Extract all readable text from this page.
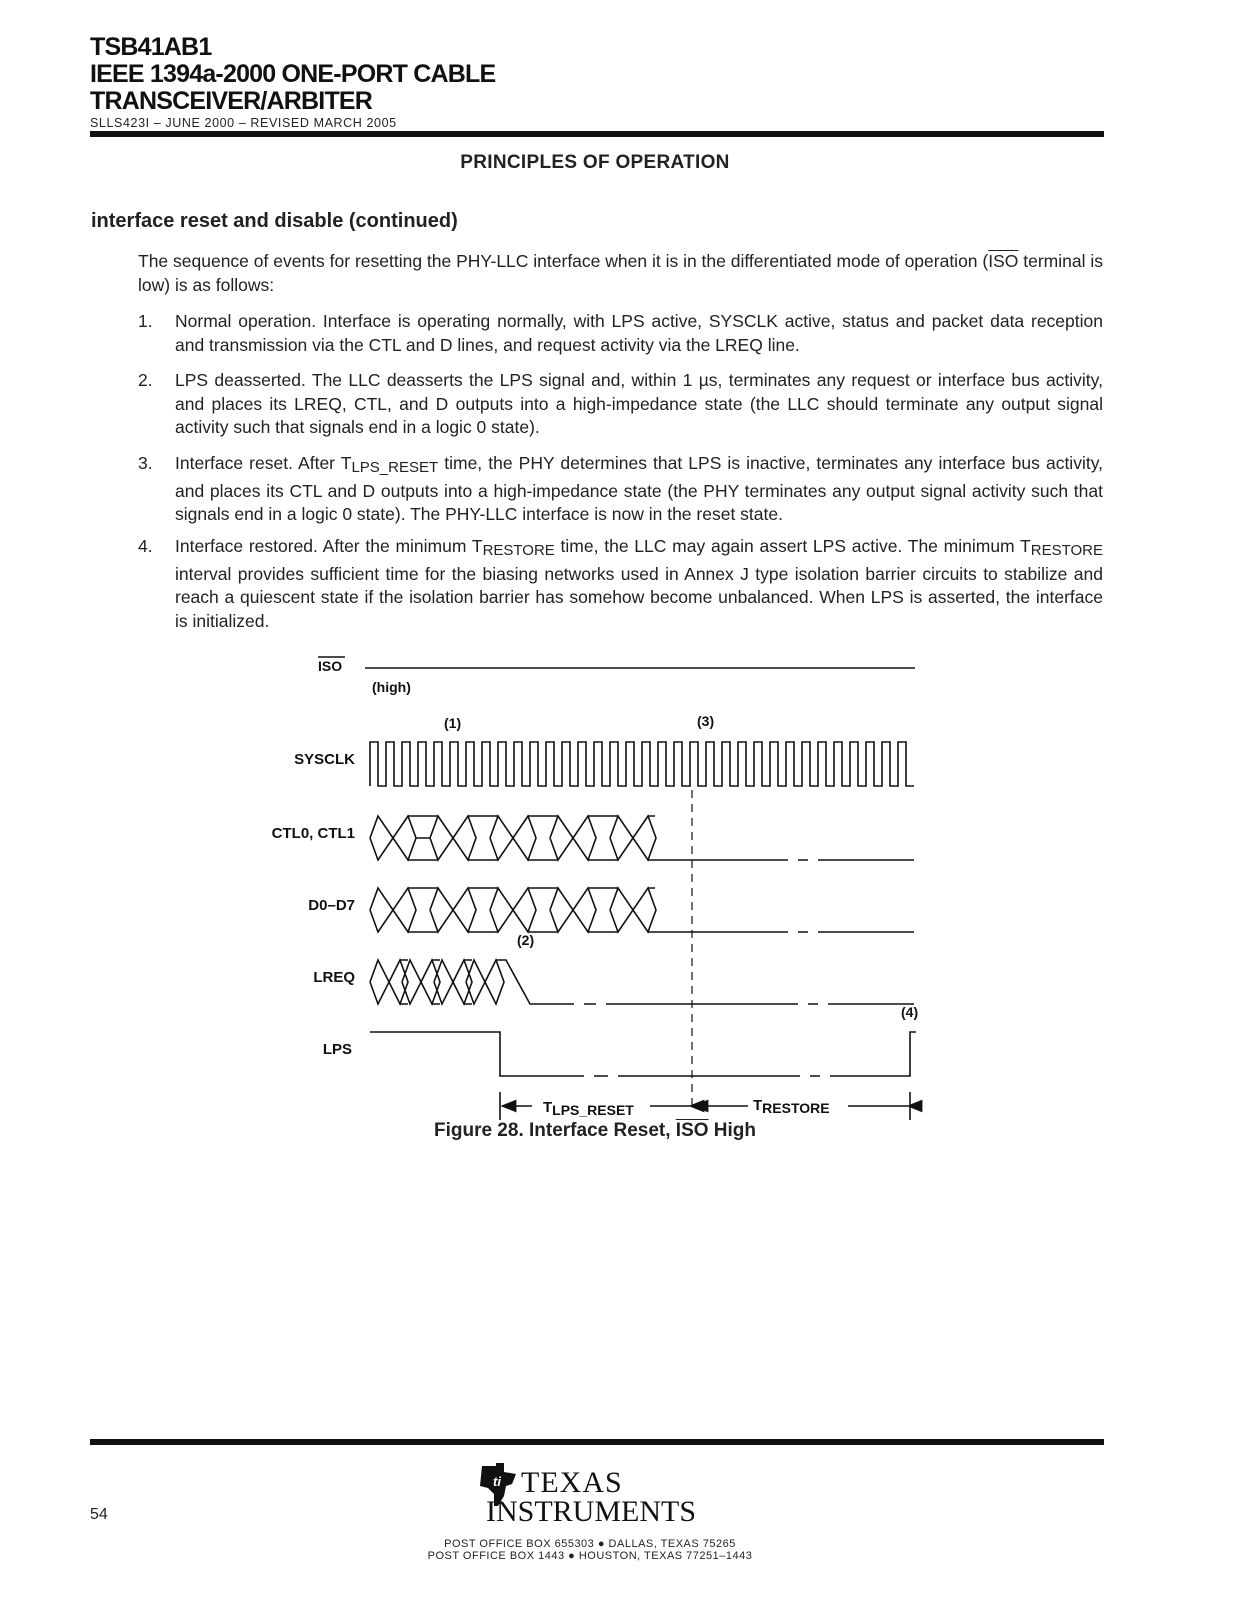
TSB41AB1
IEEE 1394a-2000 ONE-PORT CABLE
TRANSCEIVER/ARBITER
SLLS423I – JUNE 2000 – REVISED MARCH 2005
PRINCIPLES OF OPERATION
interface reset and disable (continued)
The sequence of events for resetting the PHY-LLC interface when it is in the differentiated mode of operation ($\overline{ISO}$ terminal is low) is as follows:
1. Normal operation. Interface is operating normally, with LPS active, SYSCLK active, status and packet data reception and transmission via the CTL and D lines, and request activity via the LREQ line.
2. LPS deasserted. The LLC deasserts the LPS signal and, within 1 µs, terminates any request or interface bus activity, and places its LREQ, CTL, and D outputs into a high-impedance state (the LLC should terminate any output signal activity such that signals end in a logic 0 state).
3. Interface reset. After $T_{LPS\_RESET}$ time, the PHY determines that LPS is inactive, terminates any interface bus activity, and places its CTL and D outputs into a high-impedance state (the PHY terminates any output signal activity such that signals end in a logic 0 state). The PHY-LLC interface is now in the reset state.
4. Interface restored. After the minimum $T_{RESTORE}$ time, the LLC may again assert LPS active. The minimum $T_{RESTORE}$ interval provides sufficient time for the biasing networks used in Annex J type isolation barrier circuits to stabilize and reach a quiescent state if the isolation barrier has somehow become unbalanced. When LPS is asserted, the interface is initialized.
ISO
(high)
(1)	(3)
(2)
(4)
SYSCLK
CTL0, CTL1
D0–D7
LREQ
LPS
TLPS_RESET	TRESTORE
Figure 28. Interface Reset, $\overline{ISO}$ High
ti TEXAS
INSTRUMENTS
POST OFFICE BOX 655303 ● DALLAS, TEXAS 75265
POST OFFICE BOX 1443 ● HOUSTON, TEXAS 77251–1443
54
